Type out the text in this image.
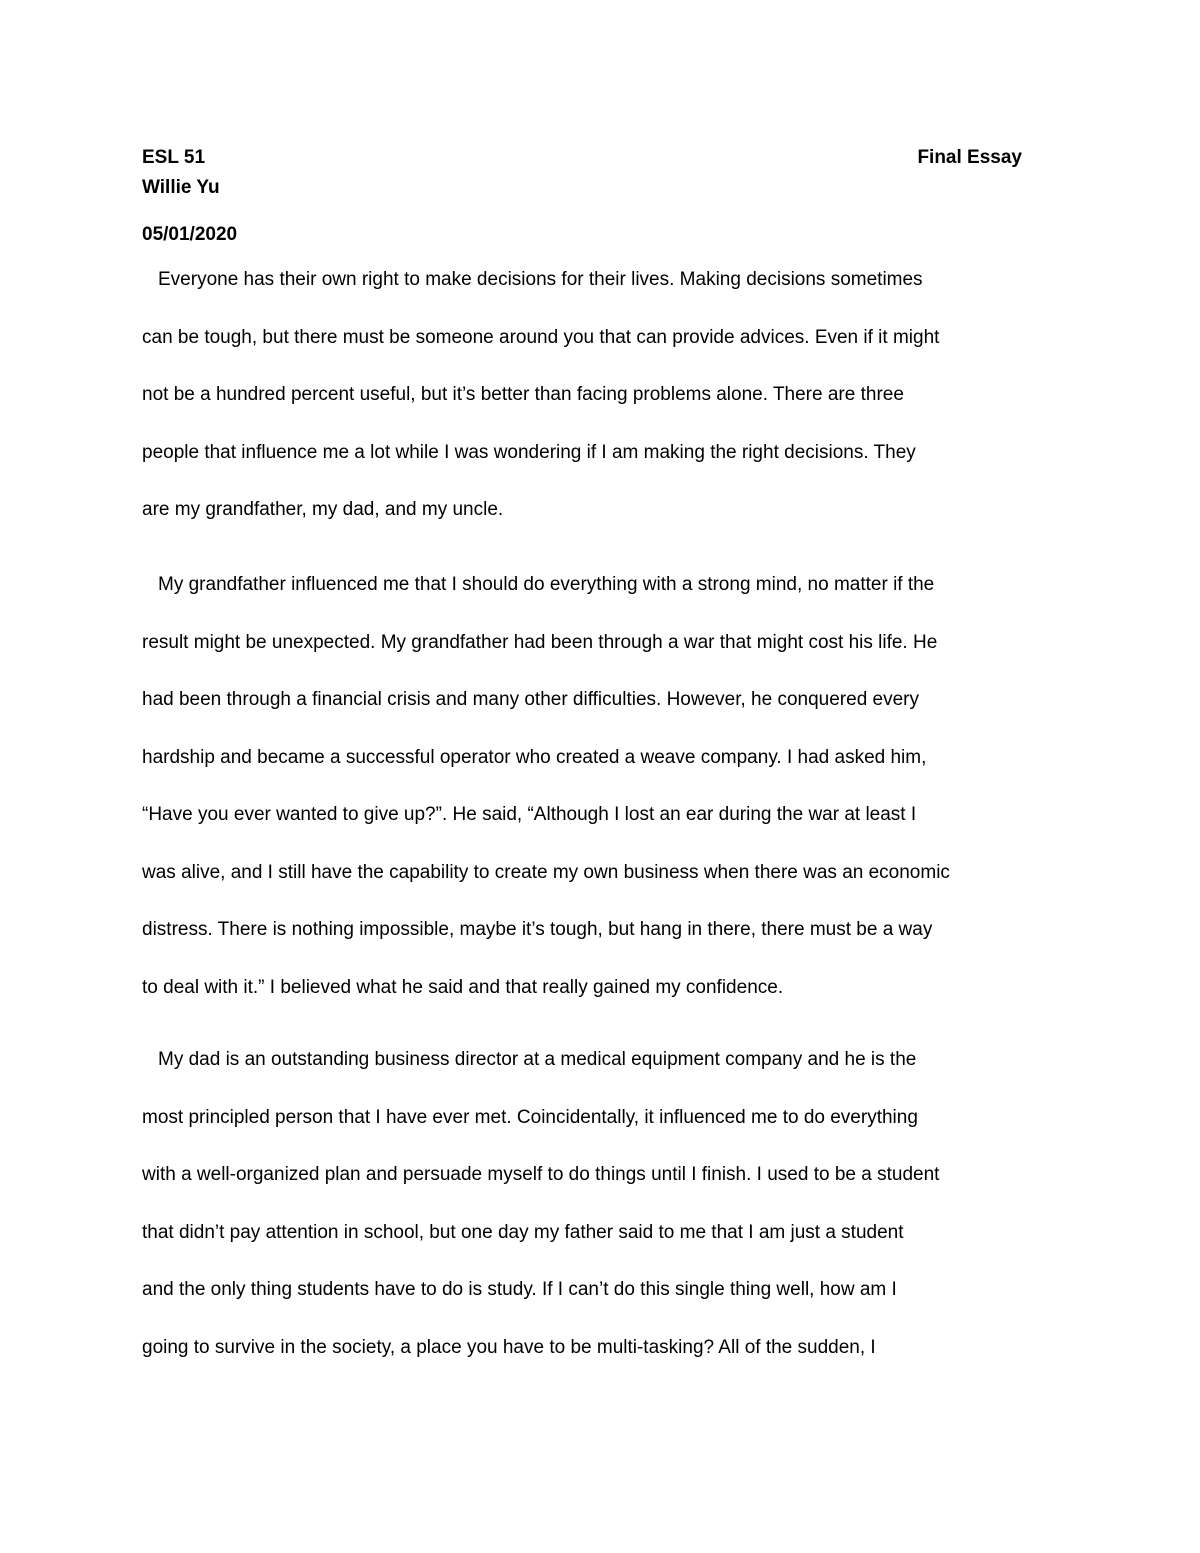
ESL 51	Final Essay
Willie Yu
05/01/2020
Everyone has their own right to make decisions for their lives. Making decisions sometimes
can be tough, but there must be someone around you that can provide advices. Even if it might
not be a hundred percent useful, but it’s better than facing problems alone. There are three
people that influence me a lot while I was wondering if I am making the right decisions. They
are my grandfather, my dad, and my uncle.
My grandfather influenced me that I should do everything with a strong mind, no matter if the
result might be unexpected. My grandfather had been through a war that might cost his life. He
had been through a financial crisis and many other difficulties. However, he conquered every
hardship and became a successful operator who created a weave company. I had asked him,
“Have you ever wanted to give up?”. He said, “Although I lost an ear during the war at least I
was alive, and I still have the capability to create my own business when there was an economic
distress. There is nothing impossible, maybe it’s tough, but hang in there, there must be a way
to deal with it.” I believed what he said and that really gained my confidence.
My dad is an outstanding business director at a medical equipment company and he is the
most principled person that I have ever met. Coincidentally, it influenced me to do everything
with a well-organized plan and persuade myself to do things until I finish. I used to be a student
that didn’t pay attention in school, but one day my father said to me that I am just a student
and the only thing students have to do is study. If I can’t do this single thing well, how am I
going to survive in the society, a place you have to be multi-tasking? All of the sudden, I
